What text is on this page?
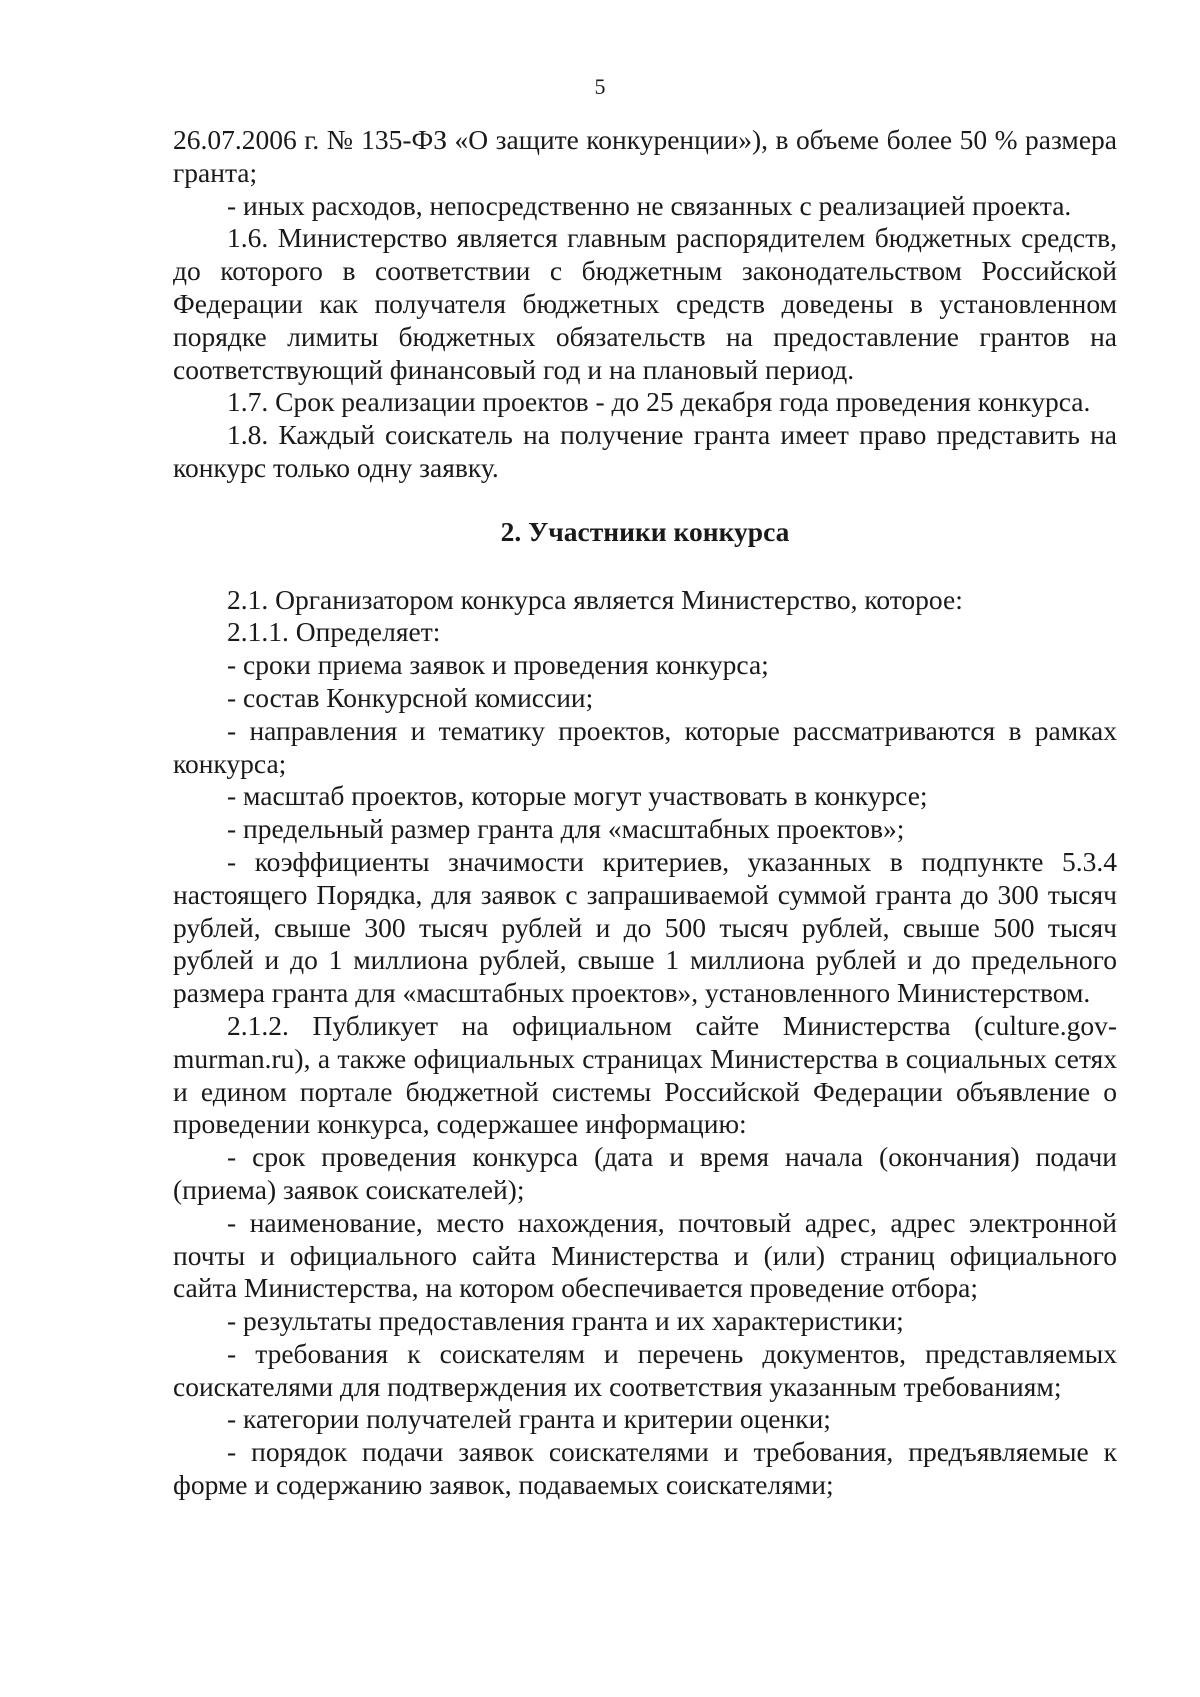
5

26.07.2006 г. № 135-ФЗ «О защите конкуренции»), в объеме более 50 % размера гранта;

- иных расходов, непосредственно не связанных с реализацией проекта.

1.6. Министерство является главным распорядителем бюджетных средств, до которого в соответствии с бюджетным законодательством Российской Федерации как получателя бюджетных средств доведены в установленном порядке лимиты бюджетных обязательств на предоставление грантов на соответствующий финансовый год и на плановый период.

1.7. Срок реализации проектов - до 25 декабря года проведения конкурса.

1.8. Каждый соискатель на получение гранта имеет право представить на конкурс только одну заявку.

2. Участники конкурса

2.1. Организатором конкурса является Министерство, которое:

2.1.1. Определяет:

- сроки приема заявок и проведения конкурса;

- состав Конкурсной комиссии;

- направления и тематику проектов, которые рассматриваются в рамках конкурса;

- масштаб проектов, которые могут участвовать в конкурсе;

- предельный размер гранта для «масштабных проектов»;

- коэффициенты значимости критериев, указанных в подпункте 5.3.4 настоящего Порядка, для заявок с запрашиваемой суммой гранта до 300 тысяч рублей, свыше 300 тысяч рублей и до 500 тысяч рублей, свыше 500 тысяч рублей и до 1 миллиона рублей, свыше 1 миллиона рублей и до предельного размера гранта для «масштабных проектов», установленного Министерством.

2.1.2. Публикует на официальном сайте Министерства (culture.gov-murman.ru), а также официальных страницах Министерства в социальных сетях и едином портале бюджетной системы Российской Федерации объявление о проведении конкурса, содержашее информацию:

- срок проведения конкурса (дата и время начала (окончания) подачи (приема) заявок соискателей);

- наименование, место нахождения, почтовый адрес, адрес электронной почты и официального сайта Министерства и (или) страниц официального сайта Министерства, на котором обеспечивается проведение отбора;

- результаты предоставления гранта и их характеристики;

- требования к соискателям и перечень документов, представляемых соискателями для подтверждения их соответствия указанным требованиям;

- категории получателей гранта и критерии оценки;

- порядок подачи заявок соискателями и требования, предъявляемые к форме и содержанию заявок, подаваемых соискателями;
